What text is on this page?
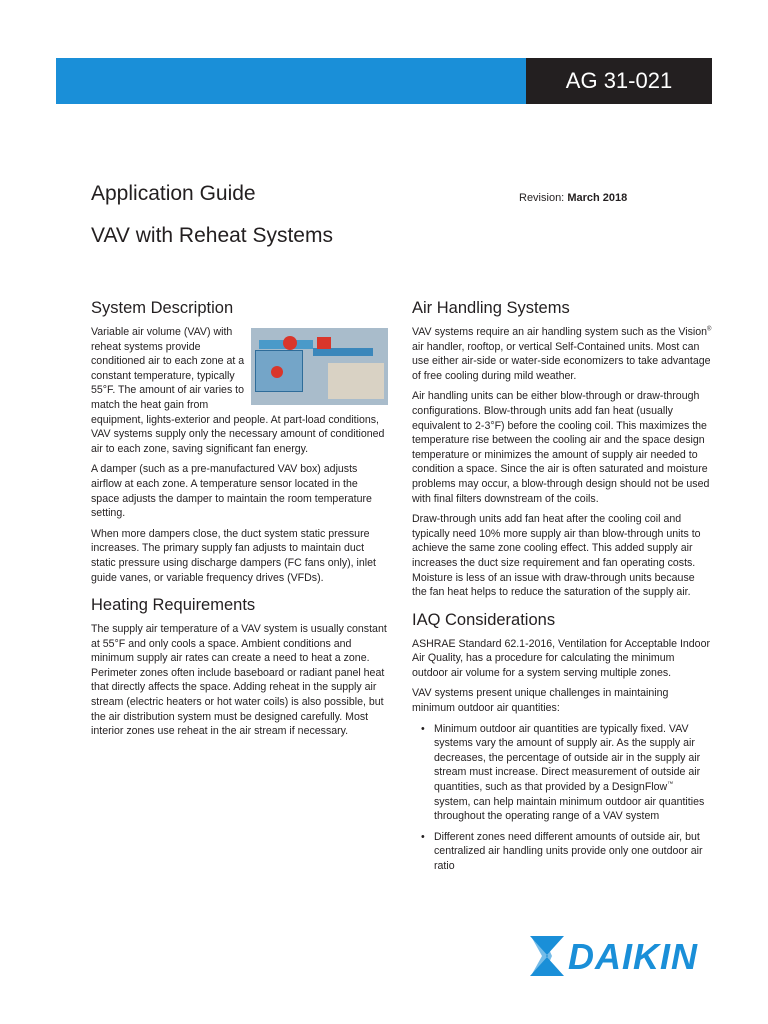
AG 31-021
Application Guide
VAV with Reheat Systems
Revision: March 2018
System Description

Variable air volume (VAV) with reheat systems provide conditioned air to each zone at a constant temperature, typically 55°F. The amount of air varies to match the heat gain from equipment, lights-exterior and people. At part-load conditions, VAV systems supply only the necessary amount of conditioned air to each zone, saving significant fan energy.

A damper (such as a pre-manufactured VAV box) adjusts airflow at each zone. A temperature sensor located in the space adjusts the damper to maintain the room temperature setting.

When more dampers close, the duct system static pressure increases. The primary supply fan adjusts to maintain duct static pressure using discharge dampers (FC fans only), inlet guide vanes, or variable frequency drives (VFDs).

Heating Requirements

The supply air temperature of a VAV system is usually constant at 55°F and only cools a space. Ambient conditions and minimum supply air rates can create a need to heat a zone. Perimeter zones often include baseboard or radiant panel heat that directly affects the space. Adding reheat in the supply air stream (electric heaters or hot water coils) is also possible, but the air distribution system must be designed carefully. Most interior zones use reheat in the air stream if necessary.

Air Handling Systems

VAV systems require an air handling system such as the Vision® air handler, rooftop, or vertical Self-Contained units. Most can use either air-side or water-side economizers to take advantage of free cooling during mild weather.

Air handling units can be either blow-through or draw-through configurations. Blow-through units add fan heat (usually equivalent to 2-3°F) before the cooling coil. This maximizes the temperature rise between the cooling air and the space design temperature or minimizes the amount of supply air needed to condition a space. Since the air is often saturated and moisture problems may occur, a blow-through design should not be used with final filters downstream of the coils.

Draw-through units add fan heat after the cooling coil and typically need 10% more supply air than blow-through units to achieve the same zone cooling effect. This added supply air increases the duct size requirement and fan operating costs. Moisture is less of an issue with draw-through units because the fan heat helps to reduce the saturation of the supply air.

IAQ Considerations

ASHRAE Standard 62.1-2016, Ventilation for Acceptable Indoor Air Quality, has a procedure for calculating the minimum outdoor air volume for a system serving multiple zones.

VAV systems present unique challenges in maintaining minimum outdoor air quantities:

• Minimum outdoor air quantities are typically fixed. VAV systems vary the amount of supply air. As the supply air decreases, the percentage of outside air in the supply air stream must increase. Direct measurement of outside air quantities, such as that provided by a DesignFlow™ system, can help maintain minimum outdoor air quantities throughout the operating range of a VAV system
• Different zones need different amounts of outside air, but centralized air handling units provide only one outdoor air ratio
DAIKIN
